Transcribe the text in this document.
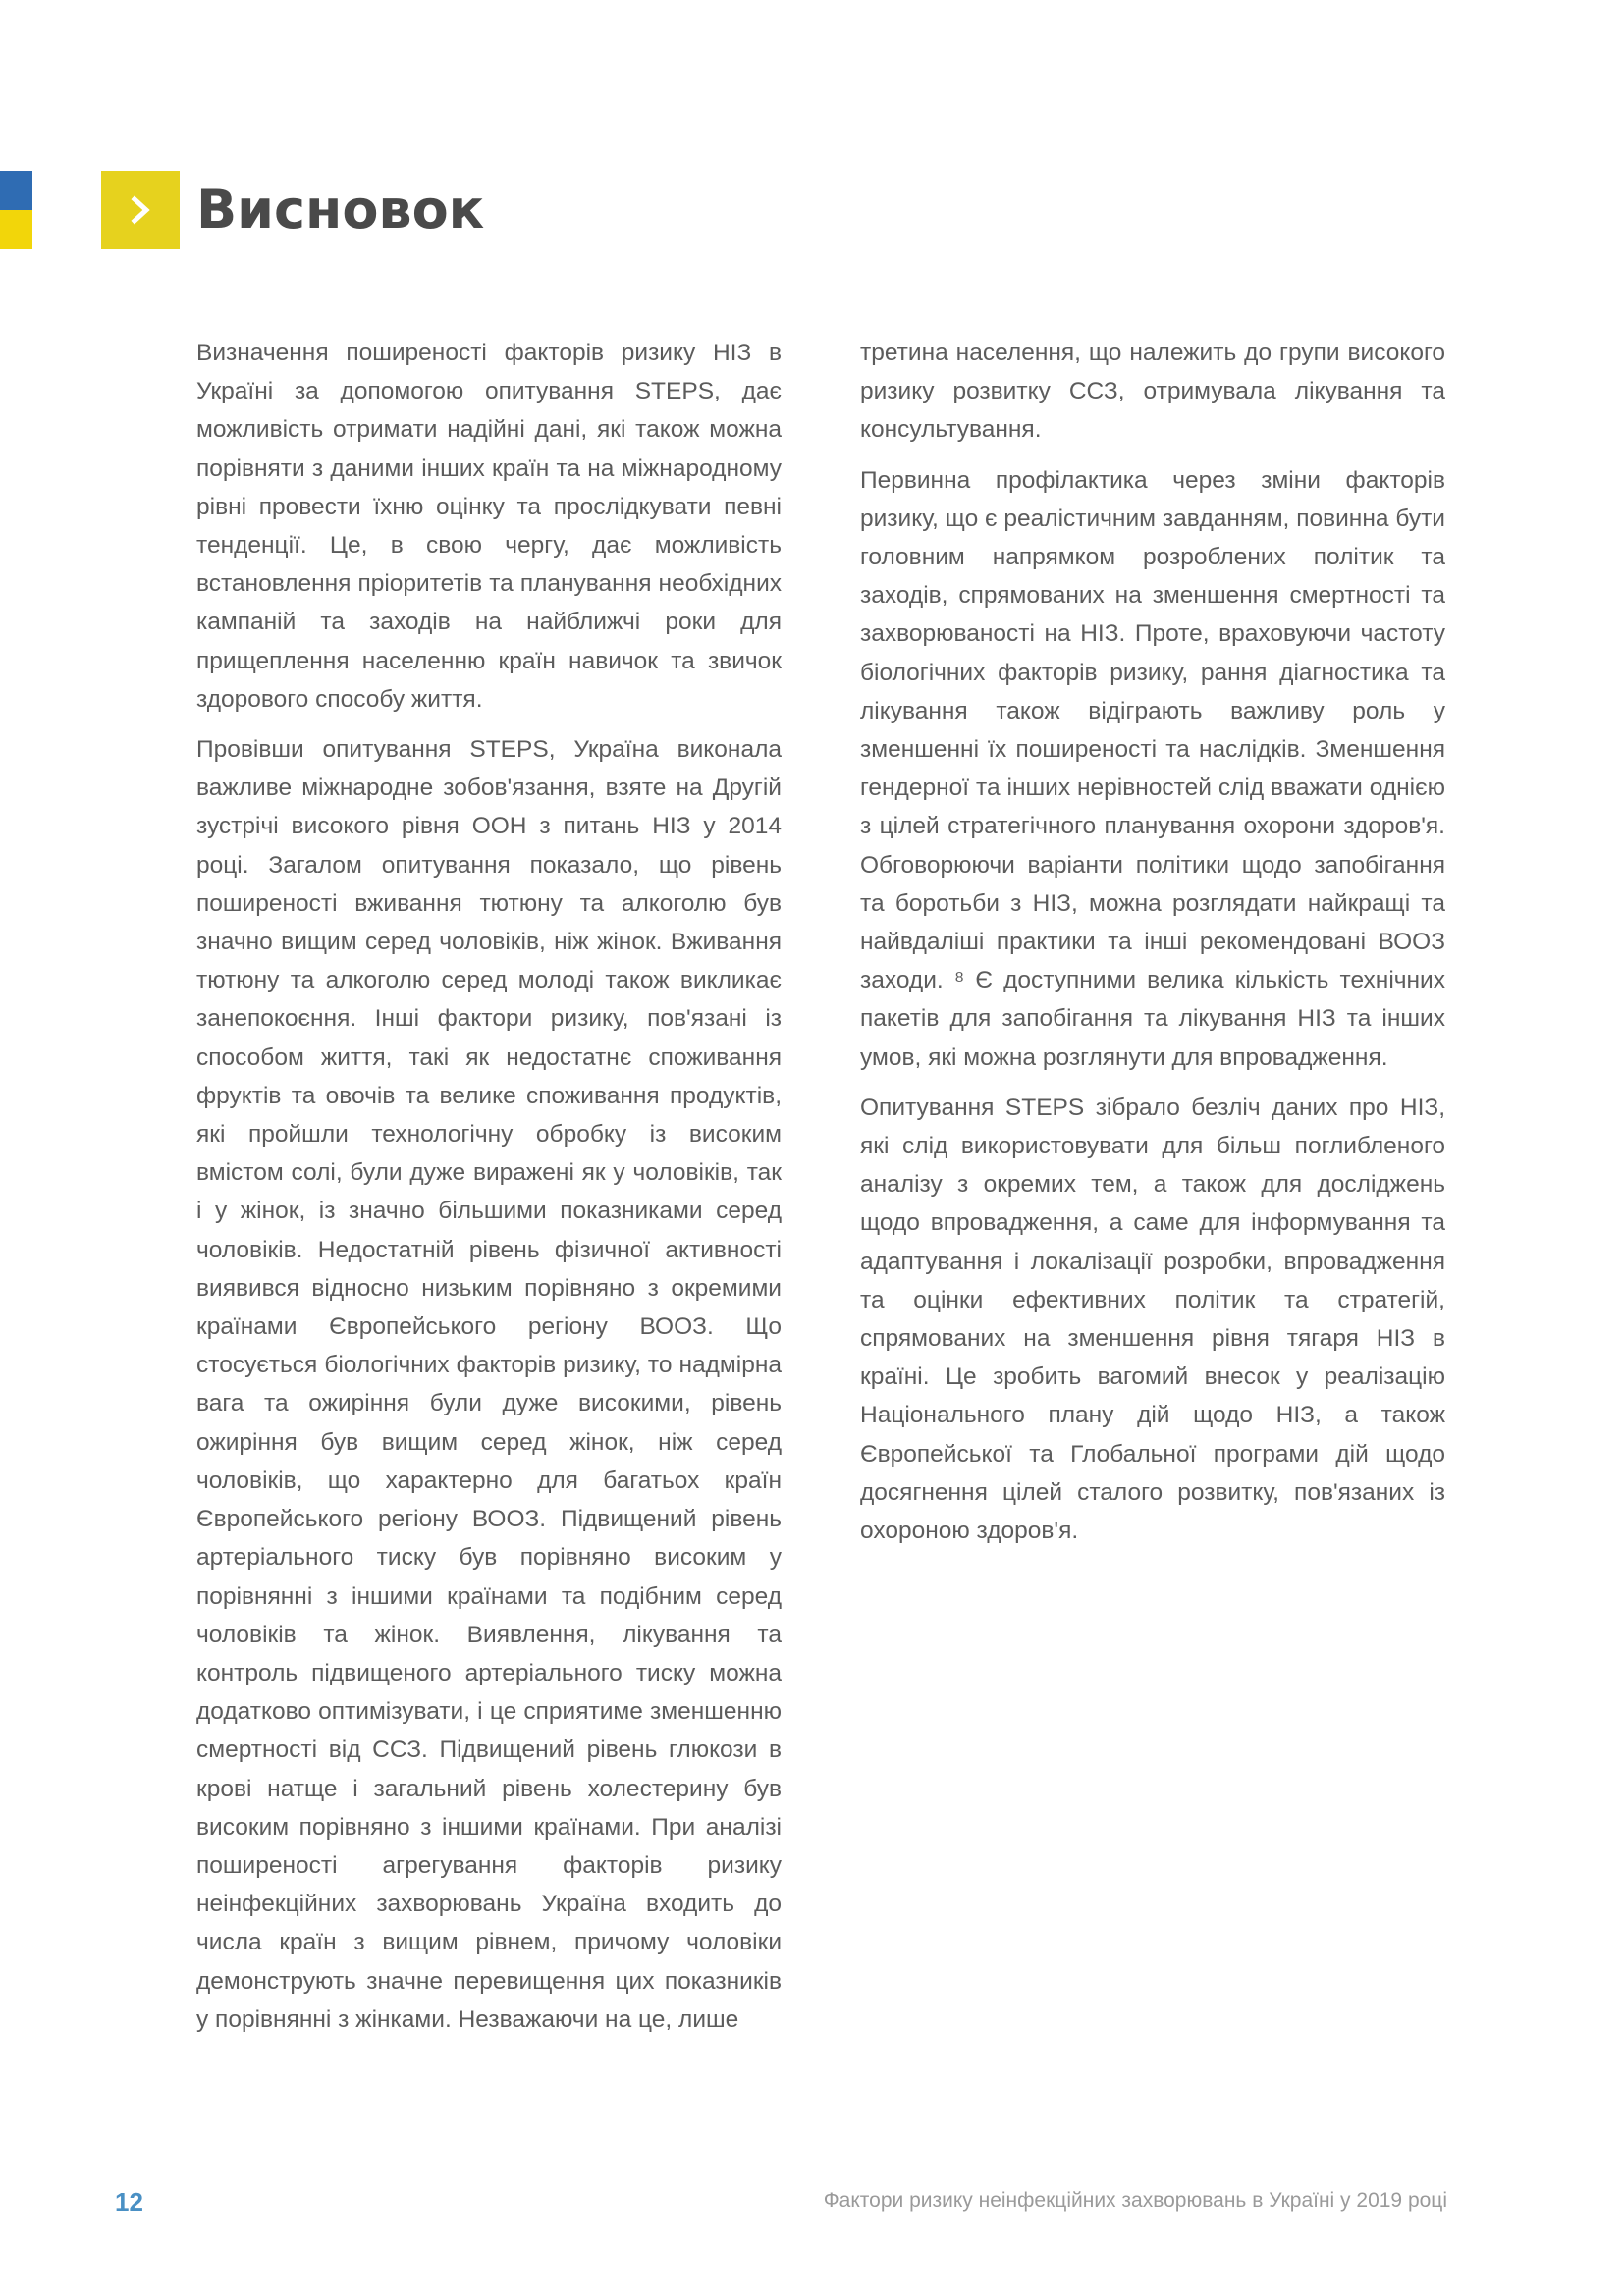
Висновок

Визначення поширеності факторів ризику НІЗ в Україні за допомогою опитування STEPS, дає можливість отримати надійні дані, які також можна порівняти з даними інших країн та на міжнародному рівні провести їхню оцінку та прослідкувати певні тенденції. Це, в свою чергу, дає можливість встановлення пріоритетів та планування необхідних кампаній та заходів на найближчі роки для прищеплення населенню країн навичок та звичок здорового способу життя.

Провівши опитування STEPS, Україна виконала важливе міжнародне зобов'язання, взяте на Другій зустрічі високого рівня ООН з питань НІЗ у 2014 році. Загалом опитування показало, що рівень поширеності вживання тютюну та алкоголю був значно вищим серед чоловіків, ніж жінок. Вживання тютюну та алкоголю серед молоді також викликає занепокоєння. Інші фактори ризику, пов'язані із способом життя, такі як недостатнє споживання фруктів та овочів та велике споживання продуктів, які пройшли технологічну обробку із високим вмістом солі, були дуже виражені як у чоловіків, так і у жінок, із значно більшими показниками серед чоловіків. Недостатній рівень фізичної активності виявився відносно низьким порівняно з окремими країнами Європейського регіону ВООЗ. Що стосується біологічних факторів ризику, то надмірна вага та ожиріння були дуже високими, рівень ожиріння був вищим серед жінок, ніж серед чоловіків, що характерно для багатьох країн Європейського регіону ВООЗ. Підвищений рівень артеріального тиску був порівняно високим у порівнянні з іншими країнами та подібним серед чоловіків та жінок. Виявлення, лікування та контроль підвищеного артеріального тиску можна додатково оптимізувати, і це сприятиме зменшенню смертності від ССЗ. Підвищений рівень глюкози в крові натще і загальний рівень холестерину був високим порівняно з іншими країнами. При аналізі поширеності агрегування факторів ризику неінфекційних захворювань Україна входить до числа країн з вищим рівнем, причому чоловіки демонструють значне перевищення цих показників у порівнянні з жінками. Незважаючи на це, лише

третина населення, що належить до групи високого ризику розвитку ССЗ, отримувала лікування та консультування.

Первинна профілактика через зміни факторів ризику, що є реалістичним завданням, повинна бути головним напрямком розроблених політик та заходів, спрямованих на зменшення смертності та захворюваності на НІЗ. Проте, враховуючи частоту біологічних факторів ризику, рання діагностика та лікування також відіграють важливу роль у зменшенні їх поширеності та наслідків. Зменшення гендерної та інших нерівностей слід вважати однією з цілей стратегічного планування охорони здоров'я. Обговорюючи варіанти політики щодо запобігання та боротьби з НІЗ, можна розглядати найкращі та найвдаліші практики та інші рекомендовані ВООЗ заходи. ⁸ Є доступними велика кількість технічних пакетів для запобігання та лікування НІЗ та інших умов, які можна розглянути для впровадження.

Опитування STEPS зібрало безліч даних про НІЗ, які слід використовувати для більш поглибленого аналізу з окремих тем, а також для досліджень щодо впровадження, а саме для інформування та адаптування і локалізації розробки, впровадження та оцінки ефективних політик та стратегій, спрямованих на зменшення рівня тягаря НІЗ в країні. Це зробить вагомий внесок у реалізацію Національного плану дій щодо НІЗ, а також Європейської та Глобальної програми дій щодо досягнення цілей сталого розвитку, пов'язаних із охороною здоров'я.

12	Фактори ризику неінфекційних захворювань в Україні у 2019 році
